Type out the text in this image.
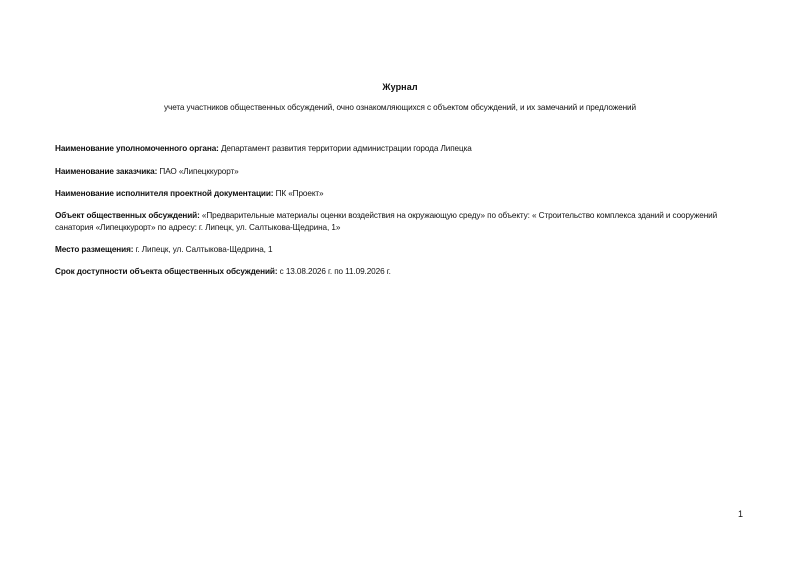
Журнал
учета участников общественных обсуждений, очно ознакомляющихся с объектом обсуждений, и их замечаний и предложений
Наименование уполномоченного органа: Департамент развития территории администрации города Липецка
Наименование заказчика: ПАО «Липецккурорт»
Наименование исполнителя проектной документации: ПК «Проект»
Объект общественных обсуждений: «Предварительные материалы оценки воздействия на окружающую среду» по объекту: « Строительство комплекса зданий и сооружений санатория «Липецккурорт» по адресу: г. Липецк, ул. Салтыкова-Щедрина, 1»
Место размещения: г. Липецк, ул. Салтыкова-Щедрина, 1
Срок доступности объекта общественных обсуждений: с 13.08.2026 г. по 11.09.2026 г.
1
